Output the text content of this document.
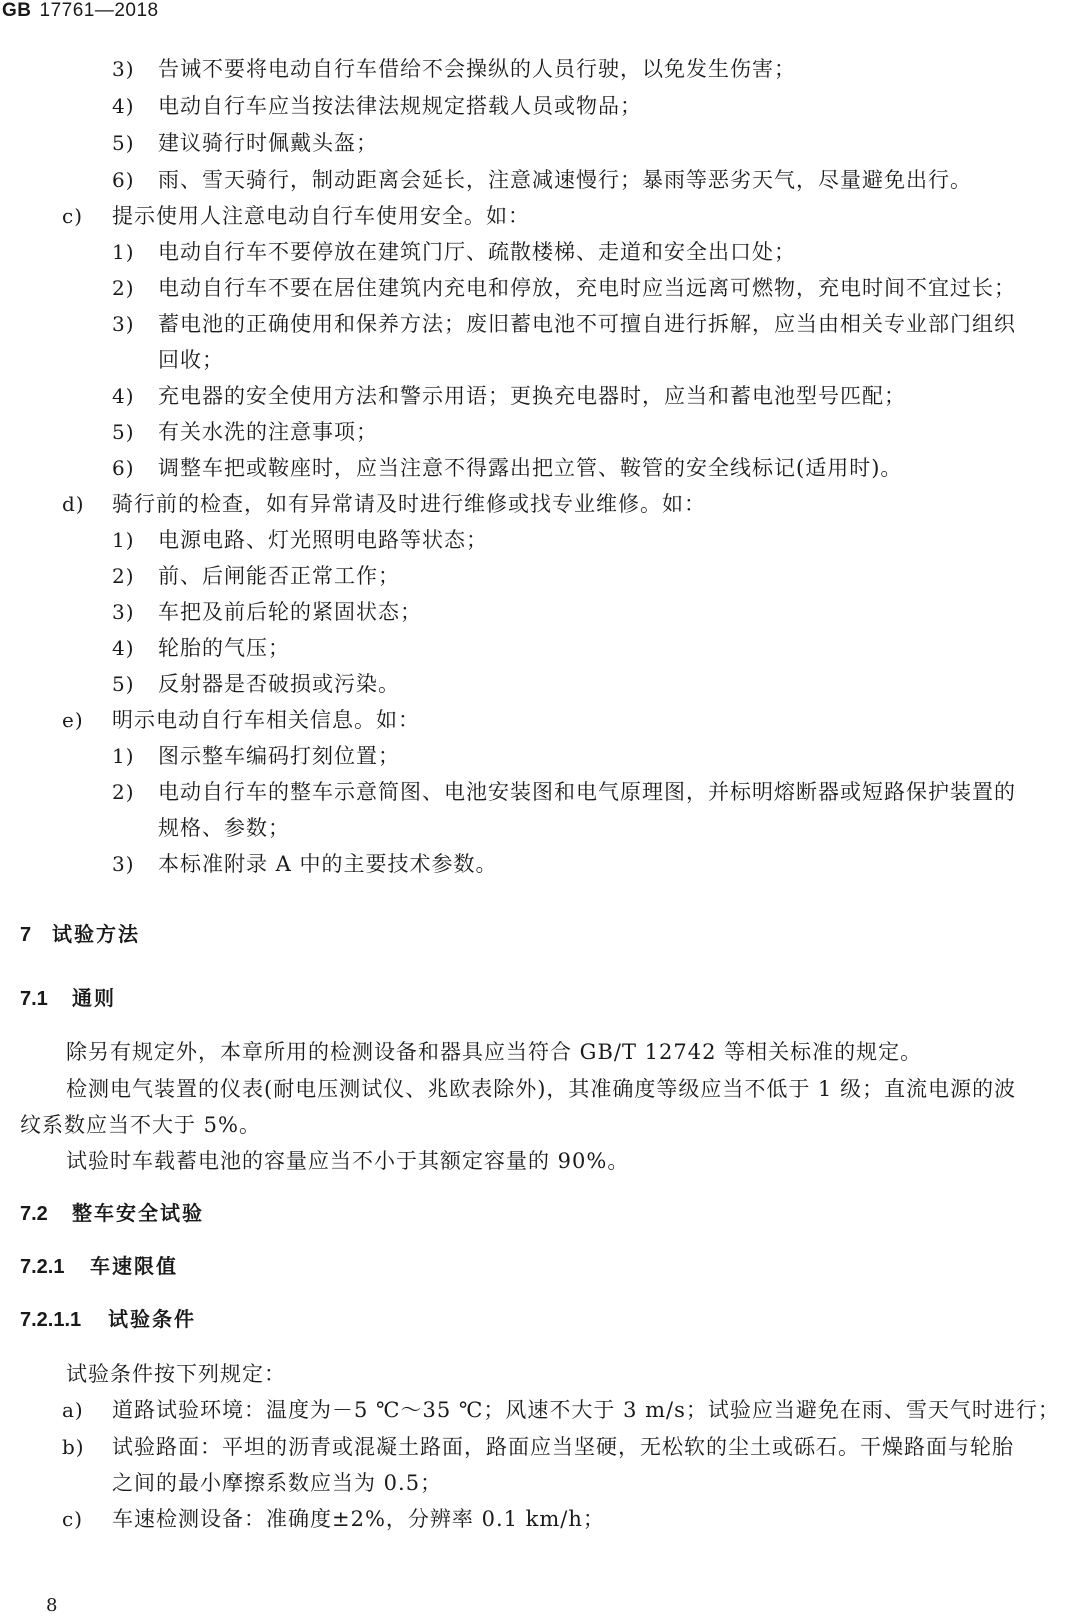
GB 17761—2018
3) 告诫不要将电动自行车借给不会操纵的人员行驶，以免发生伤害；
4) 电动自行车应当按法律法规规定搭载人员或物品；
5) 建议骑行时佩戴头盔；
6) 雨、雪天骑行，制动距离会延长，注意减速慢行；暴雨等恶劣天气，尽量避免出行。
c) 提示使用人注意电动自行车使用安全。如：
1) 电动自行车不要停放在建筑门厅、疏散楼梯、走道和安全出口处；
2) 电动自行车不要在居住建筑内充电和停放，充电时应当远离可燃物，充电时间不宜过长；
3) 蓄电池的正确使用和保养方法；废旧蓄电池不可擅自进行拆解，应当由相关专业部门组织
回收；
4) 充电器的安全使用方法和警示用语；更换充电器时，应当和蓄电池型号匹配；
5) 有关水洗的注意事项；
6) 调整车把或鞍座时，应当注意不得露出把立管、鞍管的安全线标记(适用时)。
d) 骑行前的检查，如有异常请及时进行维修或找专业维修。如：
1) 电源电路、灯光照明电路等状态；
2) 前、后闸能否正常工作；
3) 车把及前后轮的紧固状态；
4) 轮胎的气压；
5) 反射器是否破损或污染。
e) 明示电动自行车相关信息。如：
1) 图示整车编码打刻位置；
2) 电动自行车的整车示意简图、电池安装图和电气原理图，并标明熔断器或短路保护装置的
规格、参数；
3) 本标准附录 A 中的主要技术参数。
7 试验方法
7.1 通则
除另有规定外，本章所用的检测设备和器具应当符合 GB/T 12742 等相关标准的规定。
检测电气装置的仪表(耐电压测试仪、兆欧表除外)，其准确度等级应当不低于 1 级；直流电源的波
纹系数应当不大于 5%。
试验时车载蓄电池的容量应当不小于其额定容量的 90%。
7.2 整车安全试验
7.2.1 车速限值
7.2.1.1 试验条件
试验条件按下列规定：
a) 道路试验环境：温度为－5 ℃～35 ℃；风速不大于 3 m/s；试验应当避免在雨、雪天气时进行；
b) 试验路面：平坦的沥青或混凝土路面，路面应当坚硬，无松软的尘土或砾石。干燥路面与轮胎
之间的最小摩擦系数应当为 0.5；
c) 车速检测设备：准确度±2%，分辨率 0.1 km/h；
8
